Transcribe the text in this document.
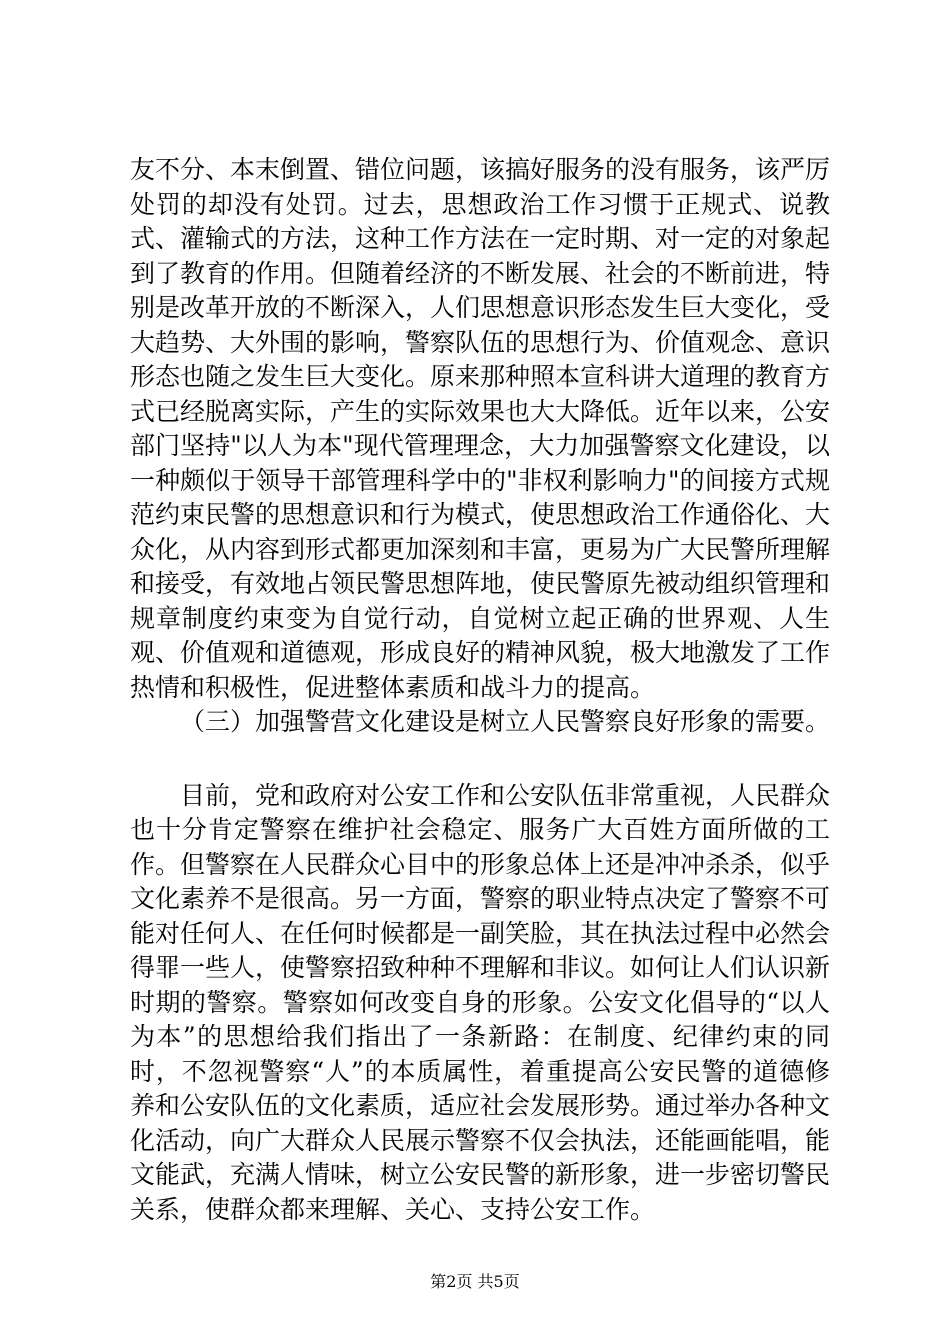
友不分、本末倒置、错位问题，该搞好服务的没有服务，该严厉处罚的却没有处罚。过去，思想政治工作习惯于正规式、说教式、灌输式的方法，这种工作方法在一定时期、对一定的对象起到了教育的作用。但随着经济的不断发展、社会的不断前进，特别是改革开放的不断深入，人们思想意识形态发生巨大变化，受大趋势、大外围的影响，警察队伍的思想行为、价值观念、意识形态也随之发生巨大变化。原来那种照本宣科讲大道理的教育方式已经脱离实际，产生的实际效果也大大降低。近年以来，公安部门坚持"以人为本"现代管理理念，大力加强警察文化建设，以一种颇似于领导干部管理科学中的"非权利影响力"的间接方式规范约束民警的思想意识和行为模式，使思想政治工作通俗化、大众化，从内容到形式都更加深刻和丰富，更易为广大民警所理解和接受，有效地占领民警思想阵地，使民警原先被动组织管理和规章制度约束变为自觉行动，自觉树立起正确的世界观、人生观、价值观和道德观，形成良好的精神风貌，极大地激发了工作热情和积极性，促进整体素质和战斗力的提高。

（三）加强警营文化建设是树立人民警察良好形象的需要。

目前，党和政府对公安工作和公安队伍非常重视，人民群众也十分肯定警察在维护社会稳定、服务广大百姓方面所做的工作。但警察在人民群众心目中的形象总体上还是冲冲杀杀，似乎文化素养不是很高。另一方面，警察的职业特点决定了警察不可能对任何人、在任何时候都是一副笑脸，其在执法过程中必然会得罪一些人，使警察招致种种不理解和非议。如何让人们认识新时期的警察。警察如何改变自身的形象。公安文化倡导的“以人为本”的思想给我们指出了一条新路：在制度、纪律约束的同时，不忽视警察“人”的本质属性，着重提高公安民警的道德修养和公安队伍的文化素质，适应社会发展形势。通过举办各种文化活动，向广大群众人民展示警察不仅会执法，还能画能唱，能文能武，充满人情味，树立公安民警的新形象，进一步密切警民关系，使群众都来理解、关心、支持公安工作。

第2页 共5页
